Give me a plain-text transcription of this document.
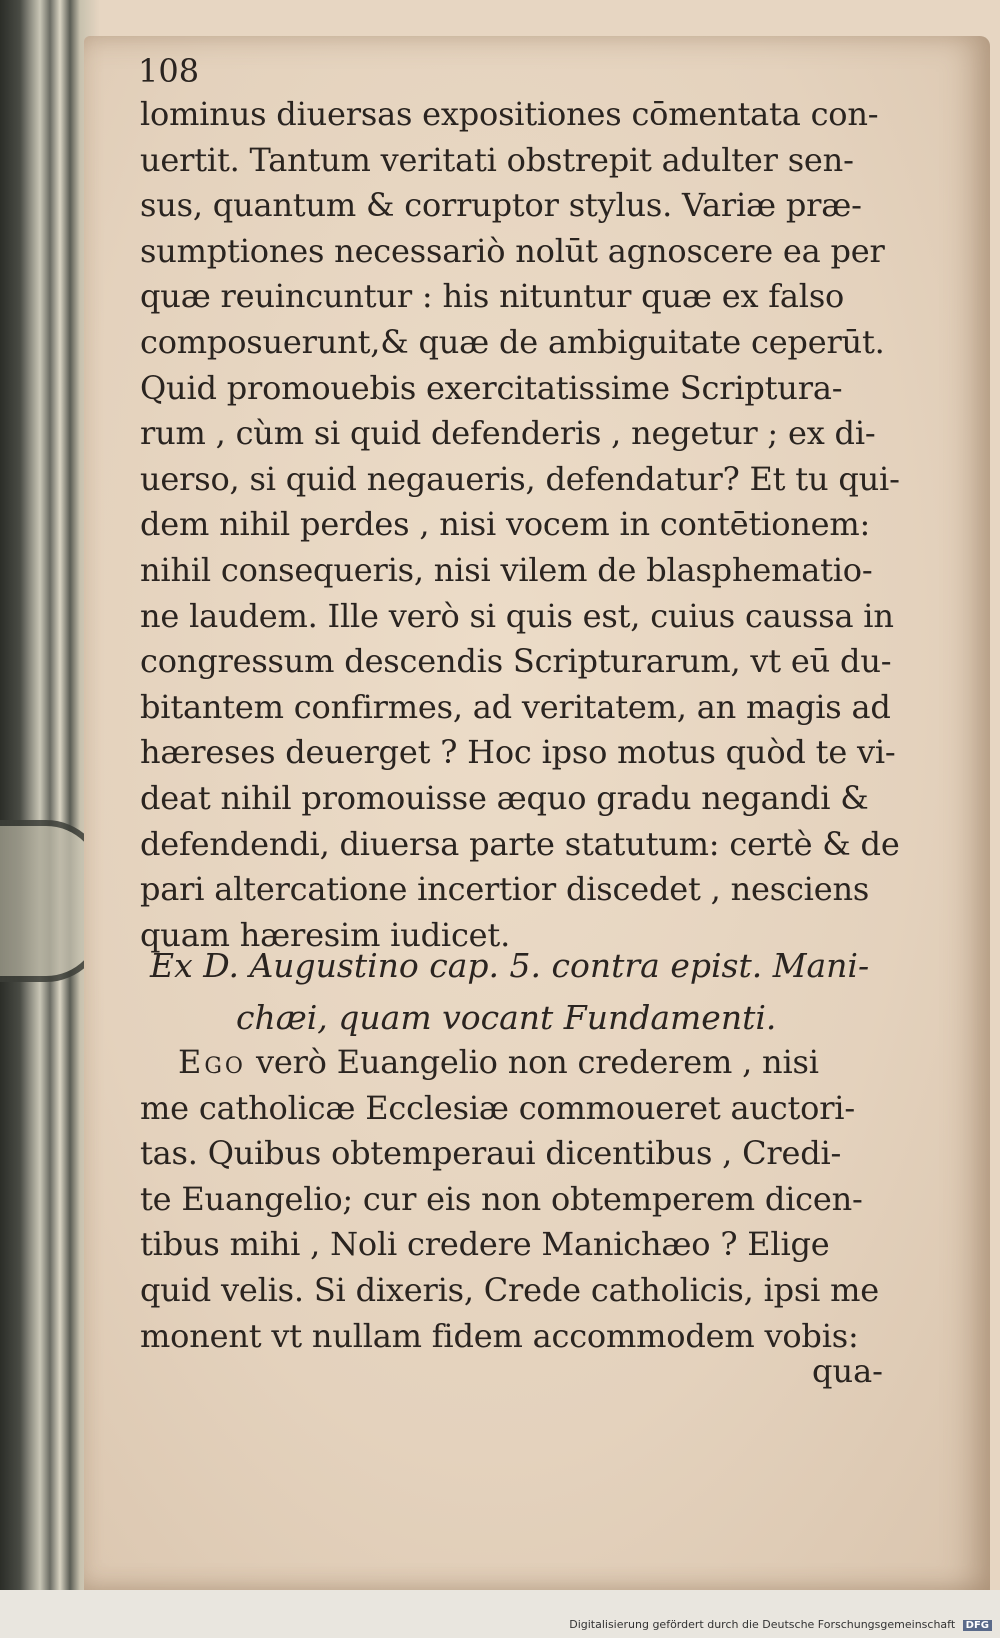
108
lominus diuersas expositiones cōmentata con-
uertit. Tantum veritati obstrepit adulter sen-
sus, quantum & corruptor stylus. Variæ præ-
sumptiones necessariò nolūt agnoscere ea per
quæ reuincuntur : his nituntur quæ ex falso
composuerunt,& quæ de ambiguitate ceperūt.
Quid promouebis exercitatissime Scriptura-
rum , cùm si quid defenderis , negetur ; ex di-
uerso, si quid negaueris, defendatur? Et tu qui-
dem nihil perdes , nisi vocem in contētionem:
nihil consequeris, nisi vilem de blasphematio-
ne laudem. Ille verò si quis est, cuius caussa in
congressum descendis Scripturarum, vt eū du-
bitantem confirmes, ad veritatem, an magis ad
hæreses deuerget ? Hoc ipso motus quòd te vi-
deat nihil promouisse æquo gradu negandi &
defendendi, diuersa parte statutum: certè & de
pari altercatione incertior discedet , nesciens
quam hæresim iudicet.
Ex D. Augustino cap. 5. contra epist. Mani-
chæi, quam vocant Fundamenti.
Ego verò Euangelio non crederem , nisi
me catholicæ Ecclesiæ commoueret auctori-
tas. Quibus obtemperaui dicentibus , Credi-
te Euangelio; cur eis non obtemperem dicen-
tibus mihi , Noli credere Manichæo ? Elige
quid velis. Si dixeris, Crede catholicis, ipsi me
monent vt nullam fidem accommodem vobis:
qua-
Digitalisierung gefördert durch die Deutsche Forschungsgemeinschaft DFG
